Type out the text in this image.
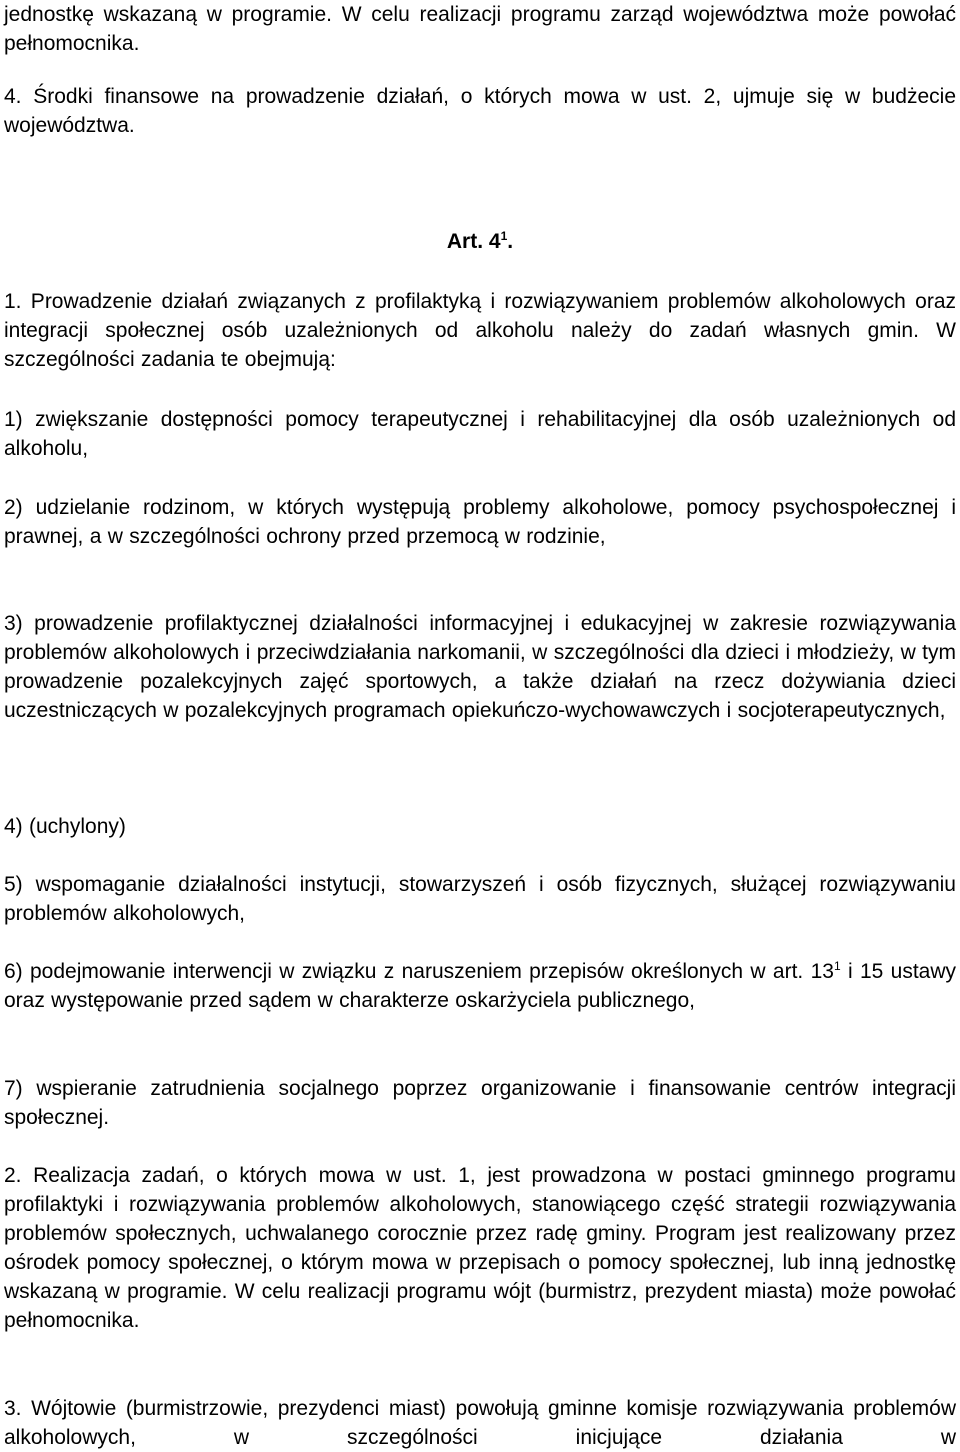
jednostkę wskazaną w programie. W celu realizacji programu zarząd województwa może powołać pełnomocnika.

4. Środki finansowe na prowadzenie działań, o których mowa w ust. 2, ujmuje się w budżecie województwa.

Art. $4^1$.

1. Prowadzenie działań związanych z profilaktyką i rozwiązywaniem problemów alkoholowych oraz integracji społecznej osób uzależnionych od alkoholu należy do zadań własnych gmin. W szczególności zadania te obejmują:

1) zwiększanie dostępności pomocy terapeutycznej i rehabilitacyjnej dla osób uzależnionych od alkoholu,

2) udzielanie rodzinom, w których występują problemy alkoholowe, pomocy psychospołecznej i prawnej, a w szczególności ochrony przed przemocą w rodzinie,

3) prowadzenie profilaktycznej działalności informacyjnej i edukacyjnej w zakresie rozwiązywania problemów alkoholowych i przeciwdziałania narkomanii, w szczególności dla dzieci i młodzieży, w tym prowadzenie pozalekcyjnych zajęć sportowych, a także działań na rzecz dożywiania dzieci uczestniczących w pozalekcyjnych programach opiekuńczo-wychowawczych i socjoterapeutycznych,

4) (uchylony)

5) wspomaganie działalności instytucji, stowarzyszeń i osób fizycznych, służącej rozwiązywaniu problemów alkoholowych,

6) podejmowanie interwencji w związku z naruszeniem przepisów określonych w art. $13^1$ i 15 ustawy oraz występowanie przed sądem w charakterze oskarżyciela publicznego,

7) wspieranie zatrudnienia socjalnego poprzez organizowanie i finansowanie centrów integracji społecznej.

2. Realizacja zadań, o których mowa w ust. 1, jest prowadzona w postaci gminnego programu profilaktyki i rozwiązywania problemów alkoholowych, stanowiącego część strategii rozwiązywania problemów społecznych, uchwalanego corocznie przez radę gminy. Program jest realizowany przez ośrodek pomocy społecznej, o którym mowa w przepisach o pomocy społecznej, lub inną jednostkę wskazaną w programie. W celu realizacji programu wójt (burmistrz, prezydent miasta) może powołać pełnomocnika.

3. Wójtowie (burmistrzowie, prezydenci miast) powołują gminne komisje rozwiązywania problemów alkoholowych, w szczególności inicjujące działania w
